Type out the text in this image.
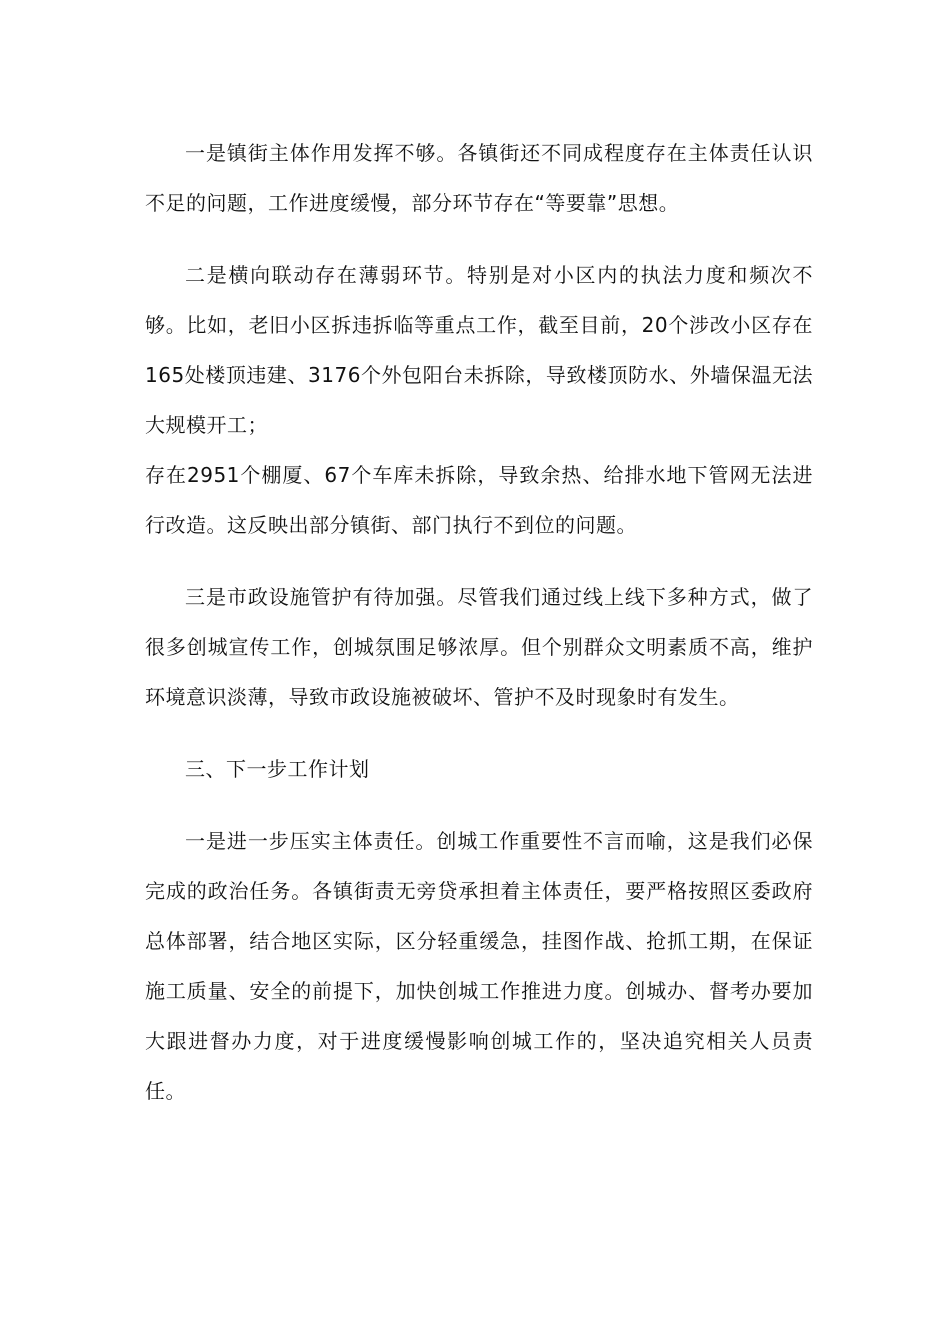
一是镇街主体作用发挥不够。各镇街还不同成程度存在主体责任认识不足的问题，工作进度缓慢，部分环节存在“等要靠”思想。

二是横向联动存在薄弱环节。特别是对小区内的执法力度和频次不够。比如，老旧小区拆违拆临等重点工作，截至目前，20个涉改小区存在165处楼顶违建、3176个外包阳台未拆除，导致楼顶防水、外墙保温无法大规模开工；

存在2951个棚厦、67个车库未拆除，导致余热、给排水地下管网无法进行改造。这反映出部分镇街、部门执行不到位的问题。

三是市政设施管护有待加强。尽管我们通过线上线下多种方式，做了很多创城宣传工作，创城氛围足够浓厚。但个别群众文明素质不高，维护环境意识淡薄，导致市政设施被破坏、管护不及时现象时有发生。

三、下一步工作计划

一是进一步压实主体责任。创城工作重要性不言而喻，这是我们必保完成的政治任务。各镇街责无旁贷承担着主体责任，要严格按照区委政府总体部署，结合地区实际，区分轻重缓急，挂图作战、抢抓工期，在保证施工质量、安全的前提下，加快创城工作推进力度。创城办、督考办要加大跟进督办力度，对于进度缓慢影响创城工作的，坚决追究相关人员责任。
